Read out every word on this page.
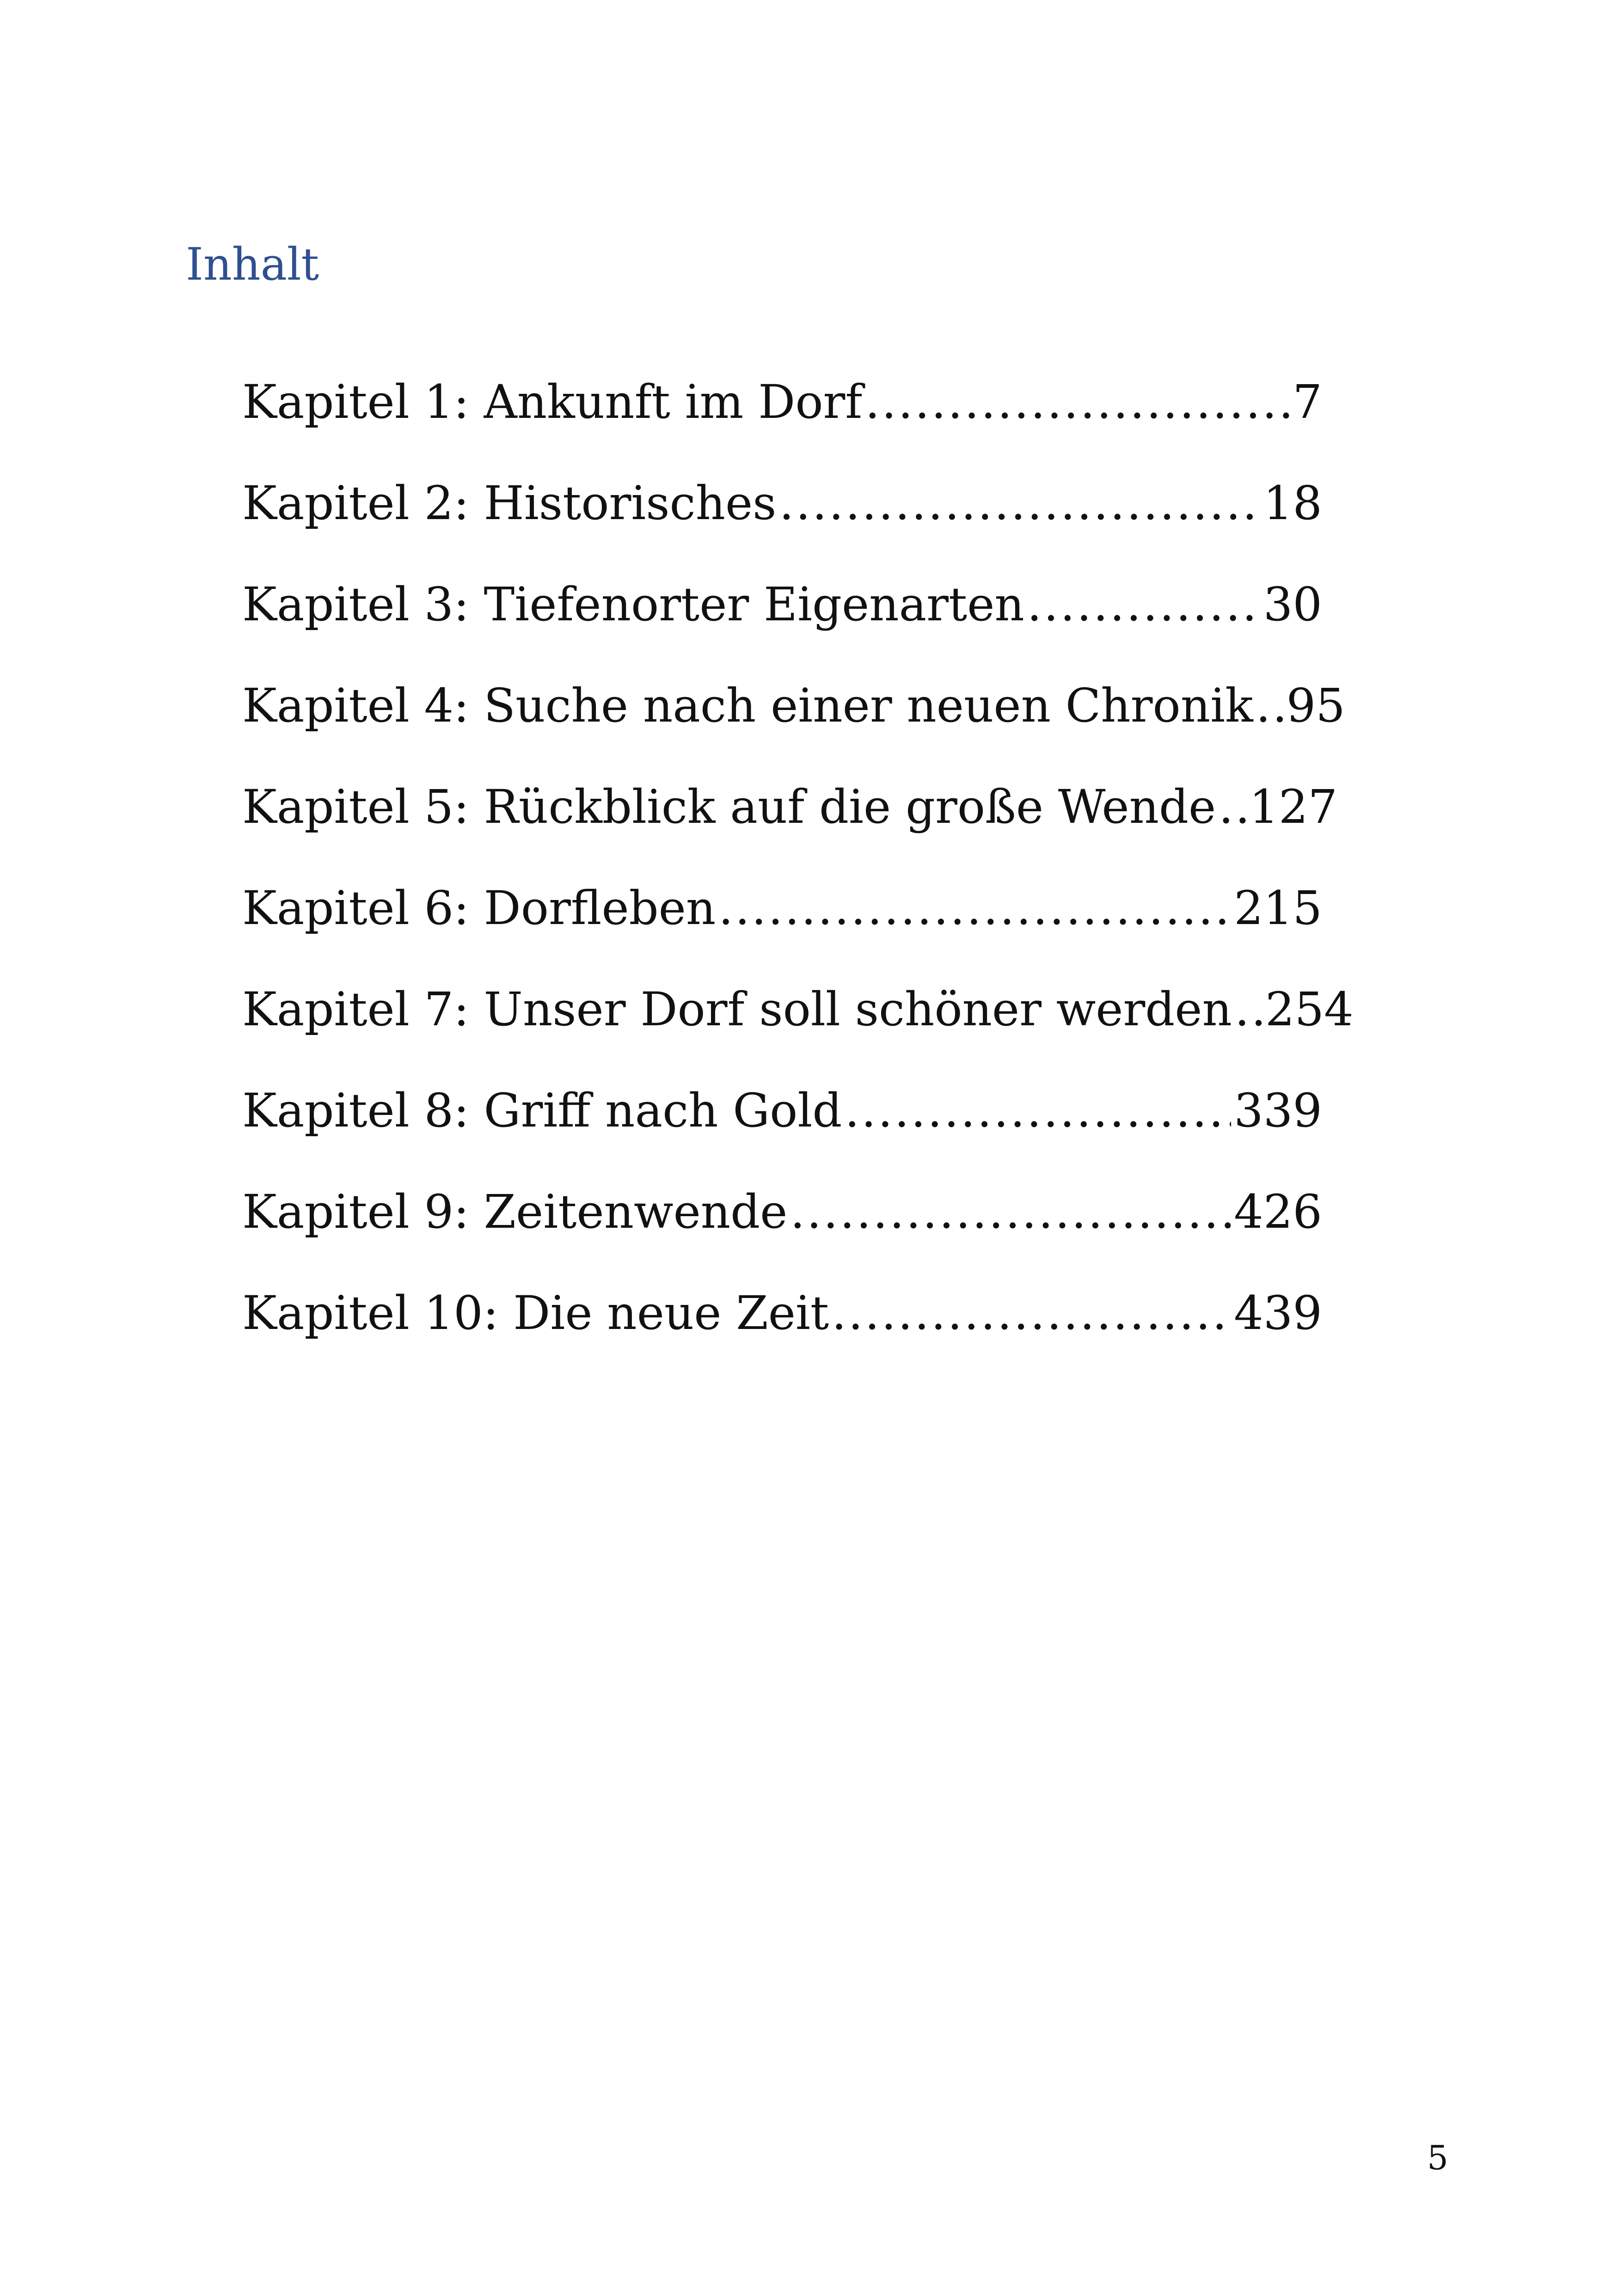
Inhalt
Kapitel 1: Ankunft im Dorf .....	7
Kapitel 2: Historisches .....	18
Kapitel 3: Tiefenorter Eigenarten .....	30
Kapitel 4: Suche nach einer neuen Chronik ..... 95
Kapitel 5: Rückblick auf die große Wende ..... 127
Kapitel 6: Dorfleben .....	215
Kapitel 7: Unser Dorf soll schöner werden ..... 254
Kapitel 8: Griff nach Gold .....	339
Kapitel 9: Zeitenwende .....	426
Kapitel 10: Die neue Zeit .....	439
5
